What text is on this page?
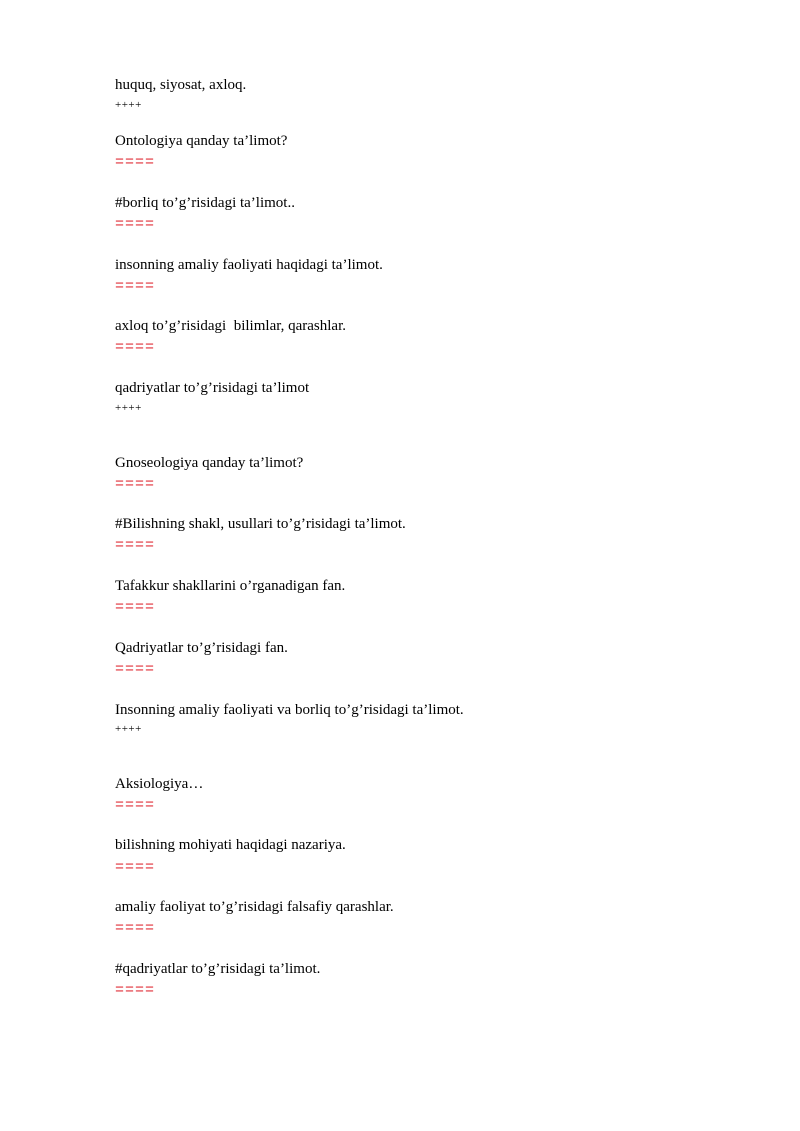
huquq, siyosat, axloq.
++++
Ontologiya qanday ta’limot?
====
#borliq to’g’risidagi ta’limot..
====
insonning amaliy faoliyati haqidagi ta’limot.
====
axloq to’g’risidagi  bilimlar, qarashlar.
====
qadriyatlar to’g’risidagi ta’limot
++++
Gnoseologiya qanday ta’limot?
====
#Bilishning shakl, usullari to’g’risidagi ta’limot.
====
Tafakkur shakllarini o’rganadigan fan.
====
Qadriyatlar to’g’risidagi fan.
====
Insonning amaliy faoliyati va borliq to’g’risidagi ta’limot.
++++
Aksiologiya…
====
bilishning mohiyati haqidagi nazariya.
====
amaliy faoliyat to’g’risidagi falsafiy qarashlar.
====
#qadriyatlar to’g’risidagi ta’limot.
====
